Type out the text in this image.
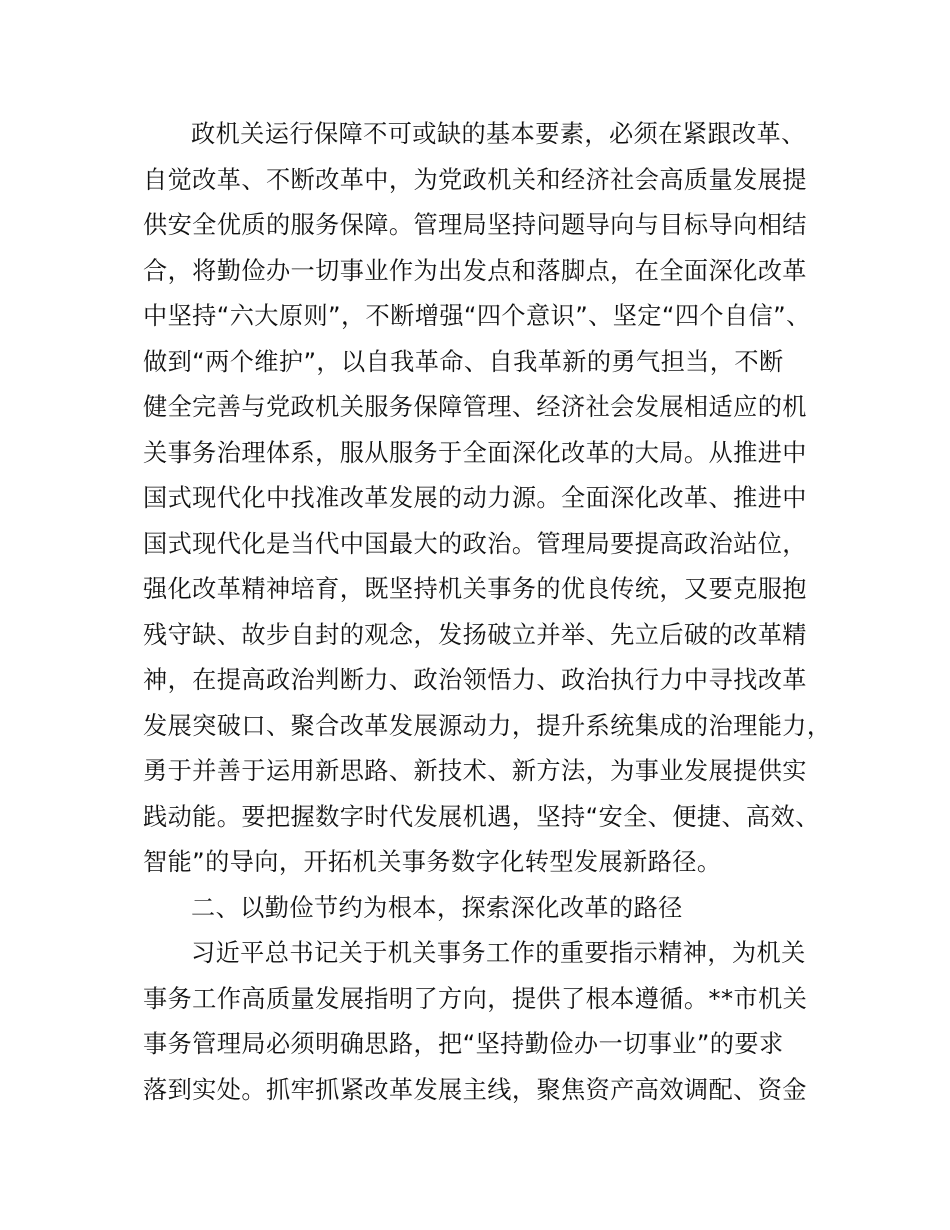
政机关运行保障不可或缺的基本要素，必须在紧跟改革、
自觉改革、不断改革中，为党政机关和经济社会高质量发展提
供安全优质的服务保障。管理局坚持问题导向与目标导向相结
合，将勤俭办一切事业作为出发点和落脚点，在全面深化改革
中坚持“六大原则”，不断增强“四个意识”、坚定“四个自信”、
做到“两个维护”，以自我革命、自我革新的勇气担当，不断
健全完善与党政机关服务保障管理、经济社会发展相适应的机
关事务治理体系，服从服务于全面深化改革的大局。从推进中
国式现代化中找准改革发展的动力源。全面深化改革、推进中
国式现代化是当代中国最大的政治。管理局要提高政治站位，
强化改革精神培育，既坚持机关事务的优良传统，又要克服抱
残守缺、故步自封的观念，发扬破立并举、先立后破的改革精
神，在提高政治判断力、政治领悟力、政治执行力中寻找改革
发展突破口、聚合改革发展源动力，提升系统集成的治理能力，
勇于并善于运用新思路、新技术、新方法，为事业发展提供实
践动能。要把握数字时代发展机遇，坚持“安全、便捷、高效、
智能”的导向，开拓机关事务数字化转型发展新路径。

二、以勤俭节约为根本，探索深化改革的路径

习近平总书记关于机关事务工作的重要指示精神，为机关
事务工作高质量发展指明了方向，提供了根本遵循。**市机关
事务管理局必须明确思路，把“坚持勤俭办一切事业”的要求
落到实处。抓牢抓紧改革发展主线，聚焦资产高效调配、资金
